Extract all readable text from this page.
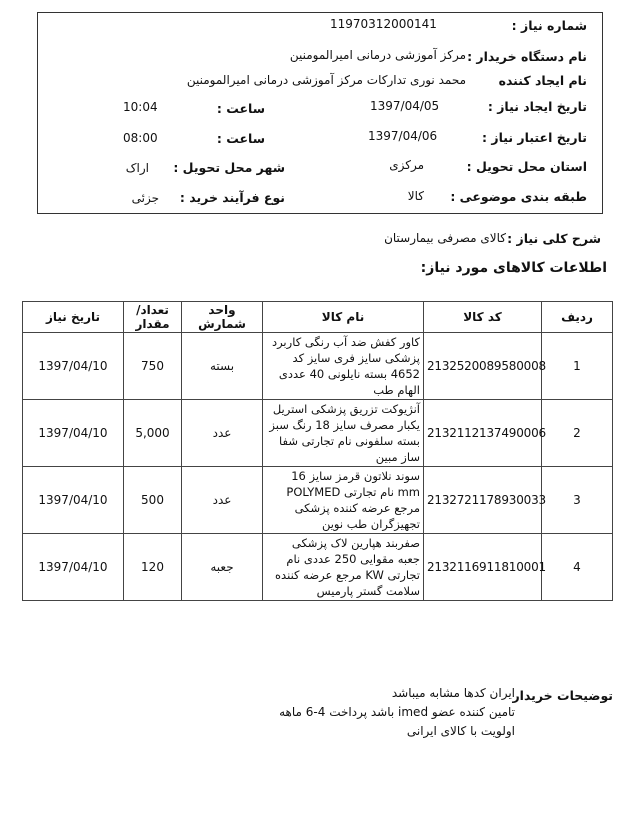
شماره نیاز :
11970312000141
نام دستگاه خریدار :
مرکز آموزشی درمانی امیرالمومنین
نام ایجاد کننده
محمد نوری تدارکات مرکز آموزشی درمانی امیرالمومنین
تاریخ ایجاد نیاز :
1397/04/05
ساعت :
10:04
تاریخ اعتبار نیاز :
1397/04/06
ساعت :
08:00
استان محل تحویل :
مرکزی
شهر محل تحویل :
اراک
طبقه بندی موضوعی :
کالا
نوع فرآیند خرید :
جزئی
شرح کلی نیاز :
کالای مصرفی بیمارستان
اطلاعات کالاهای مورد نیاز:
ردیف	کد کالا	نام کالا	واحد شمارش	تعداد/ مقدار	تاریخ نیاز
1	2132520089580008	کاور کفش ضد آب رنگی کاربرد پزشکی سایز فری سایز کد 4652 بسته نایلونی 40 عددی الهام طب	بسته	750	1397/04/10
2	2132112137490006	آنژیوکت تزریق پزشکی استریل یکبار مصرف سایز 18 رنگ سبز بسته سلفونی نام تجارتی شفا ساز مبین	عدد	5,000	1397/04/10
3	2132721178930033	سوند نلاتون قرمز سایز 16 mm نام تجارتی POLYMED مرجع عرضه کننده پزشکی تجهیزگران طب نوین	عدد	500	1397/04/10
4	2132116911810001	صفربند هپارین لاک پزشکی جعبه مقوایی 250 عددی نام تجارتی KW مرجع عرضه کننده سلامت گستر پارمیس	جعبه	120	1397/04/10
توضیحات خریدار
ایران کدها مشابه میباشد
تامین کننده عضو imed باشد پرداخت 4-6 ماهه
اولویت با کالای ایرانی
